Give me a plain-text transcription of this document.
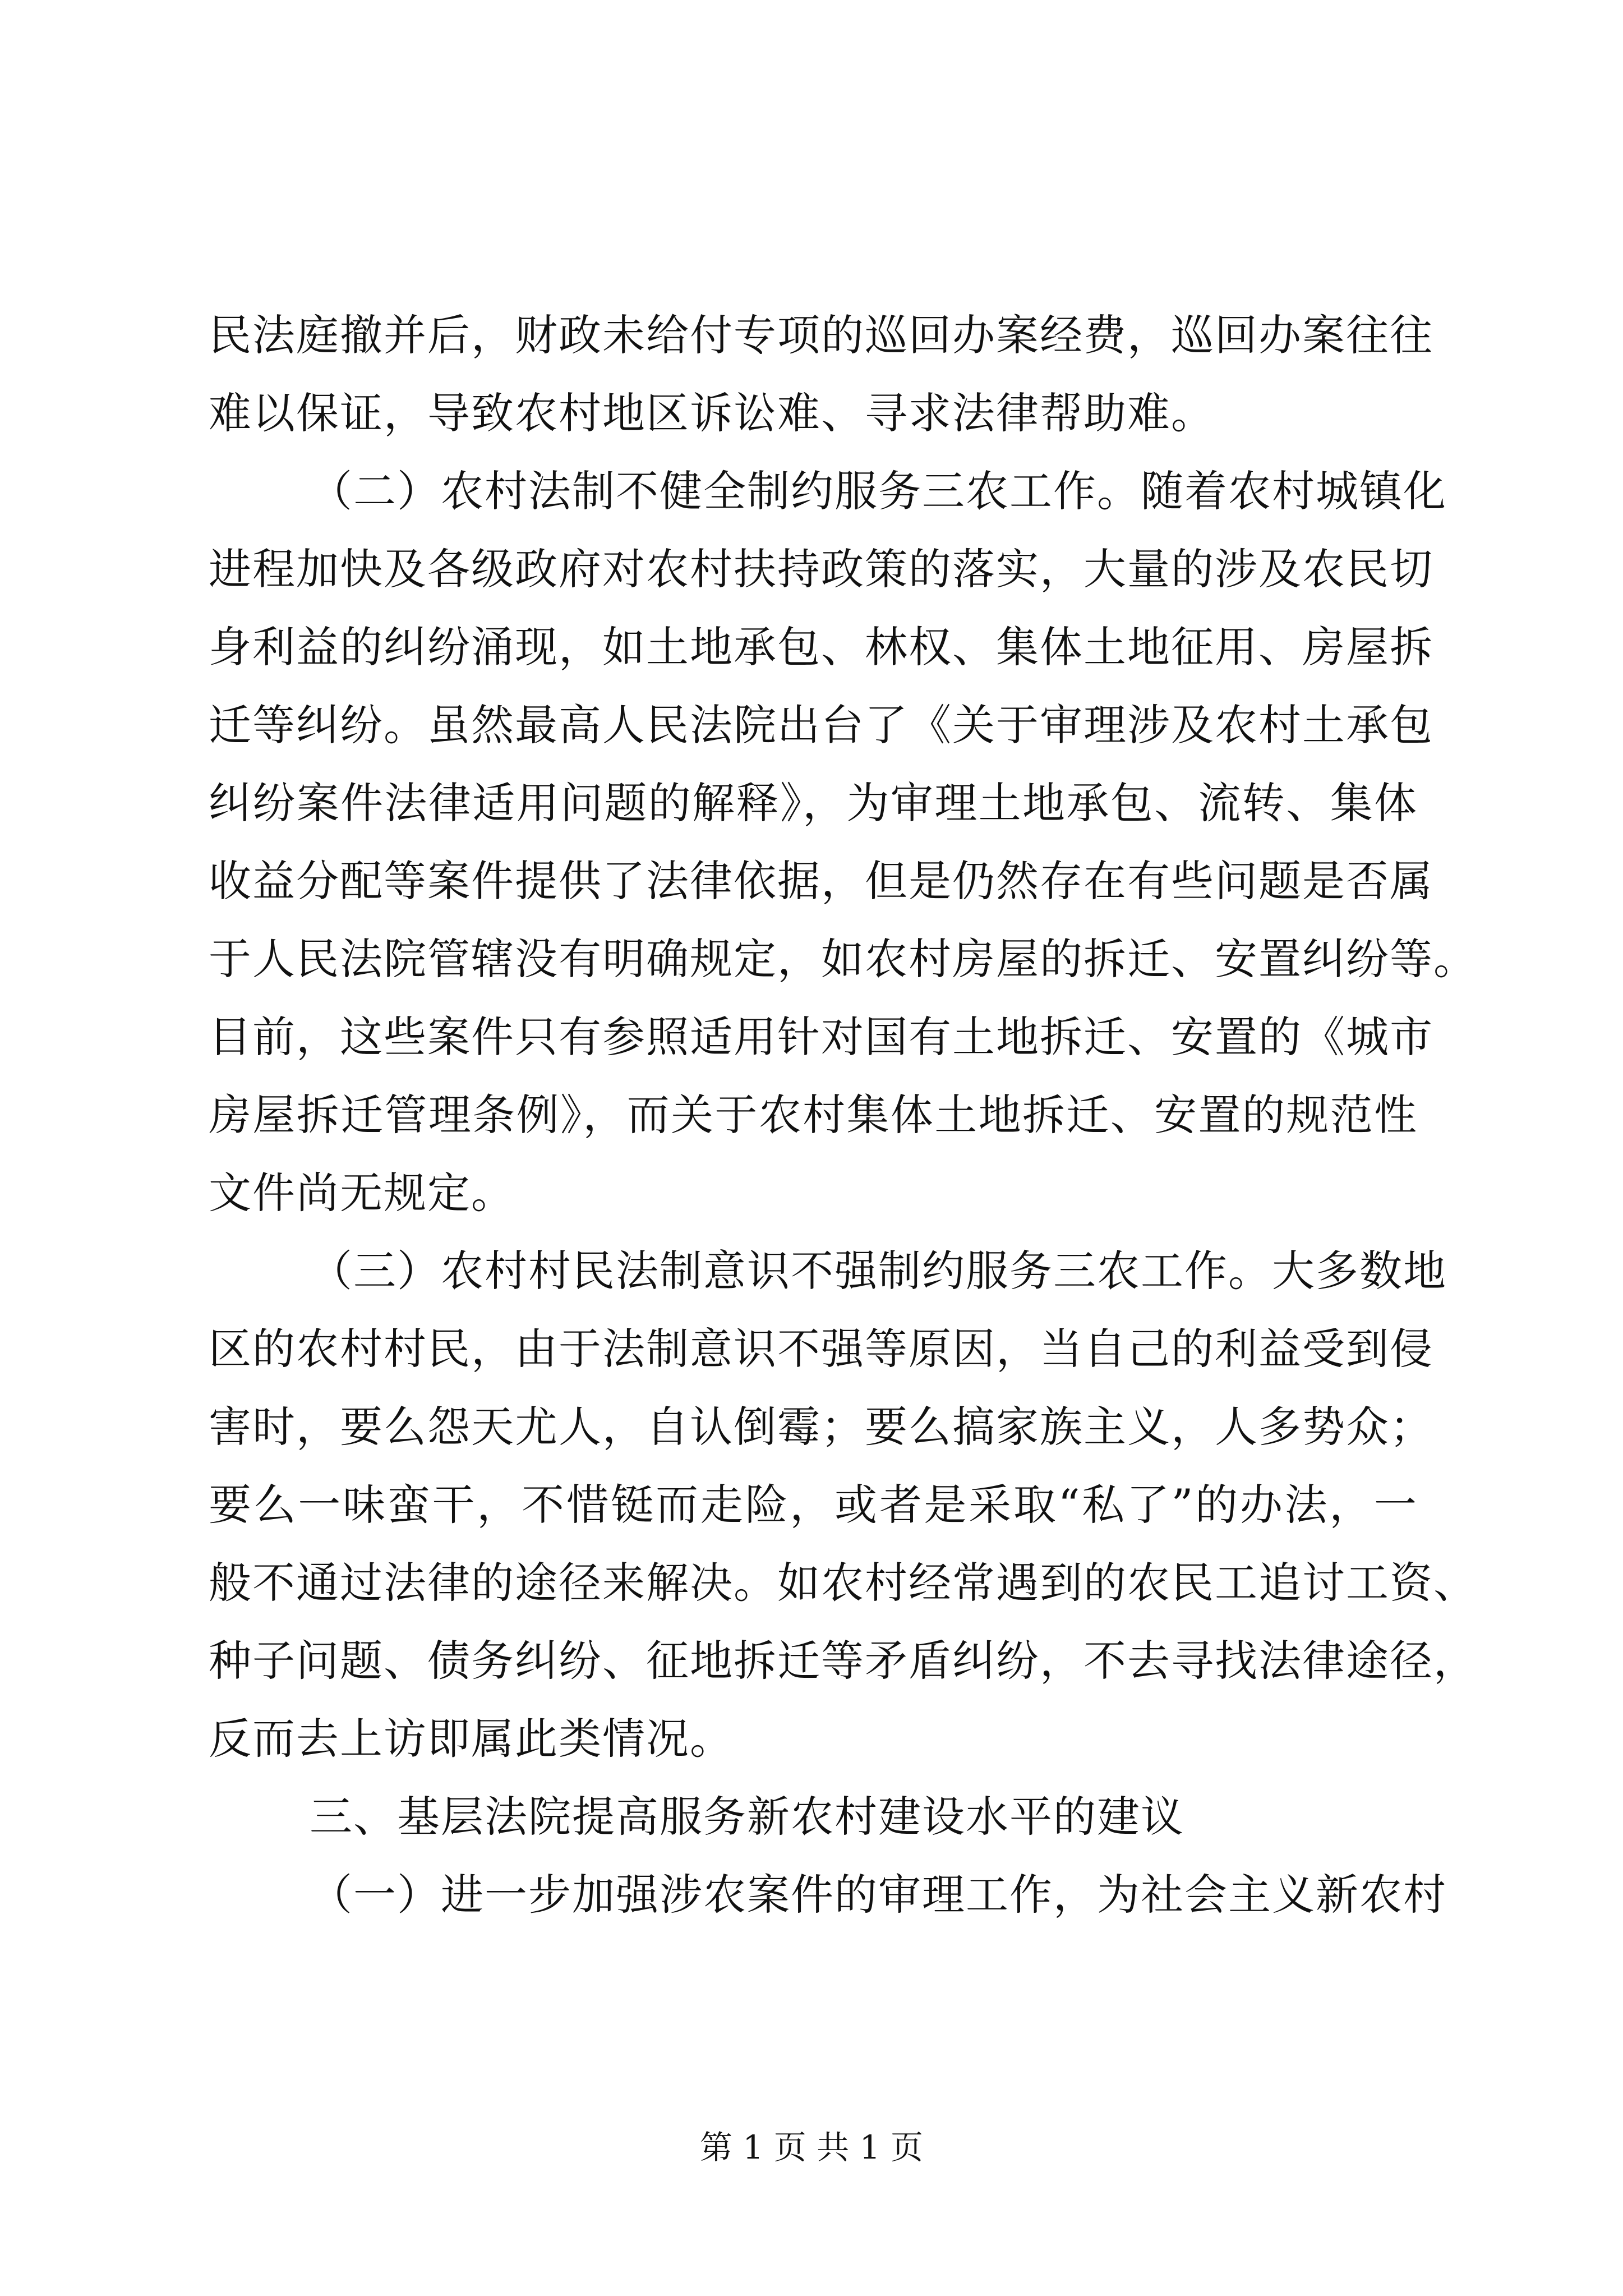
民法庭撤并后，财政未给付专项的巡回办案经费，巡回办案往往
难以保证，导致农村地区诉讼难、寻求法律帮助难。
（二）农村法制不健全制约服务三农工作。随着农村城镇化
进程加快及各级政府对农村扶持政策的落实，大量的涉及农民切
身利益的纠纷涌现，如土地承包、林权、集体土地征用、房屋拆
迁等纠纷。虽然最高人民法院出台了《关于审理涉及农村土承包
纠纷案件法律适用问题的解释》，为审理土地承包、流转、集体
收益分配等案件提供了法律依据，但是仍然存在有些问题是否属
于人民法院管辖没有明确规定，如农村房屋的拆迁、安置纠纷等。
目前，这些案件只有参照适用针对国有土地拆迁、安置的《城市
房屋拆迁管理条例》，而关于农村集体土地拆迁、安置的规范性
文件尚无规定。
（三）农村村民法制意识不强制约服务三农工作。大多数地
区的农村村民，由于法制意识不强等原因，当自己的利益受到侵
害时，要么怨天尤人，自认倒霉；要么搞家族主义，人多势众；
要么一味蛮干，不惜铤而走险，或者是采取“私了”的办法，一
般不通过法律的途径来解决。如农村经常遇到的农民工追讨工资、
种子问题、债务纠纷、征地拆迁等矛盾纠纷，不去寻找法律途径，
反而去上访即属此类情况。
三、基层法院提高服务新农村建设水平的建议
（一）进一步加强涉农案件的审理工作，为社会主义新农村
第 1 页 共 1 页
